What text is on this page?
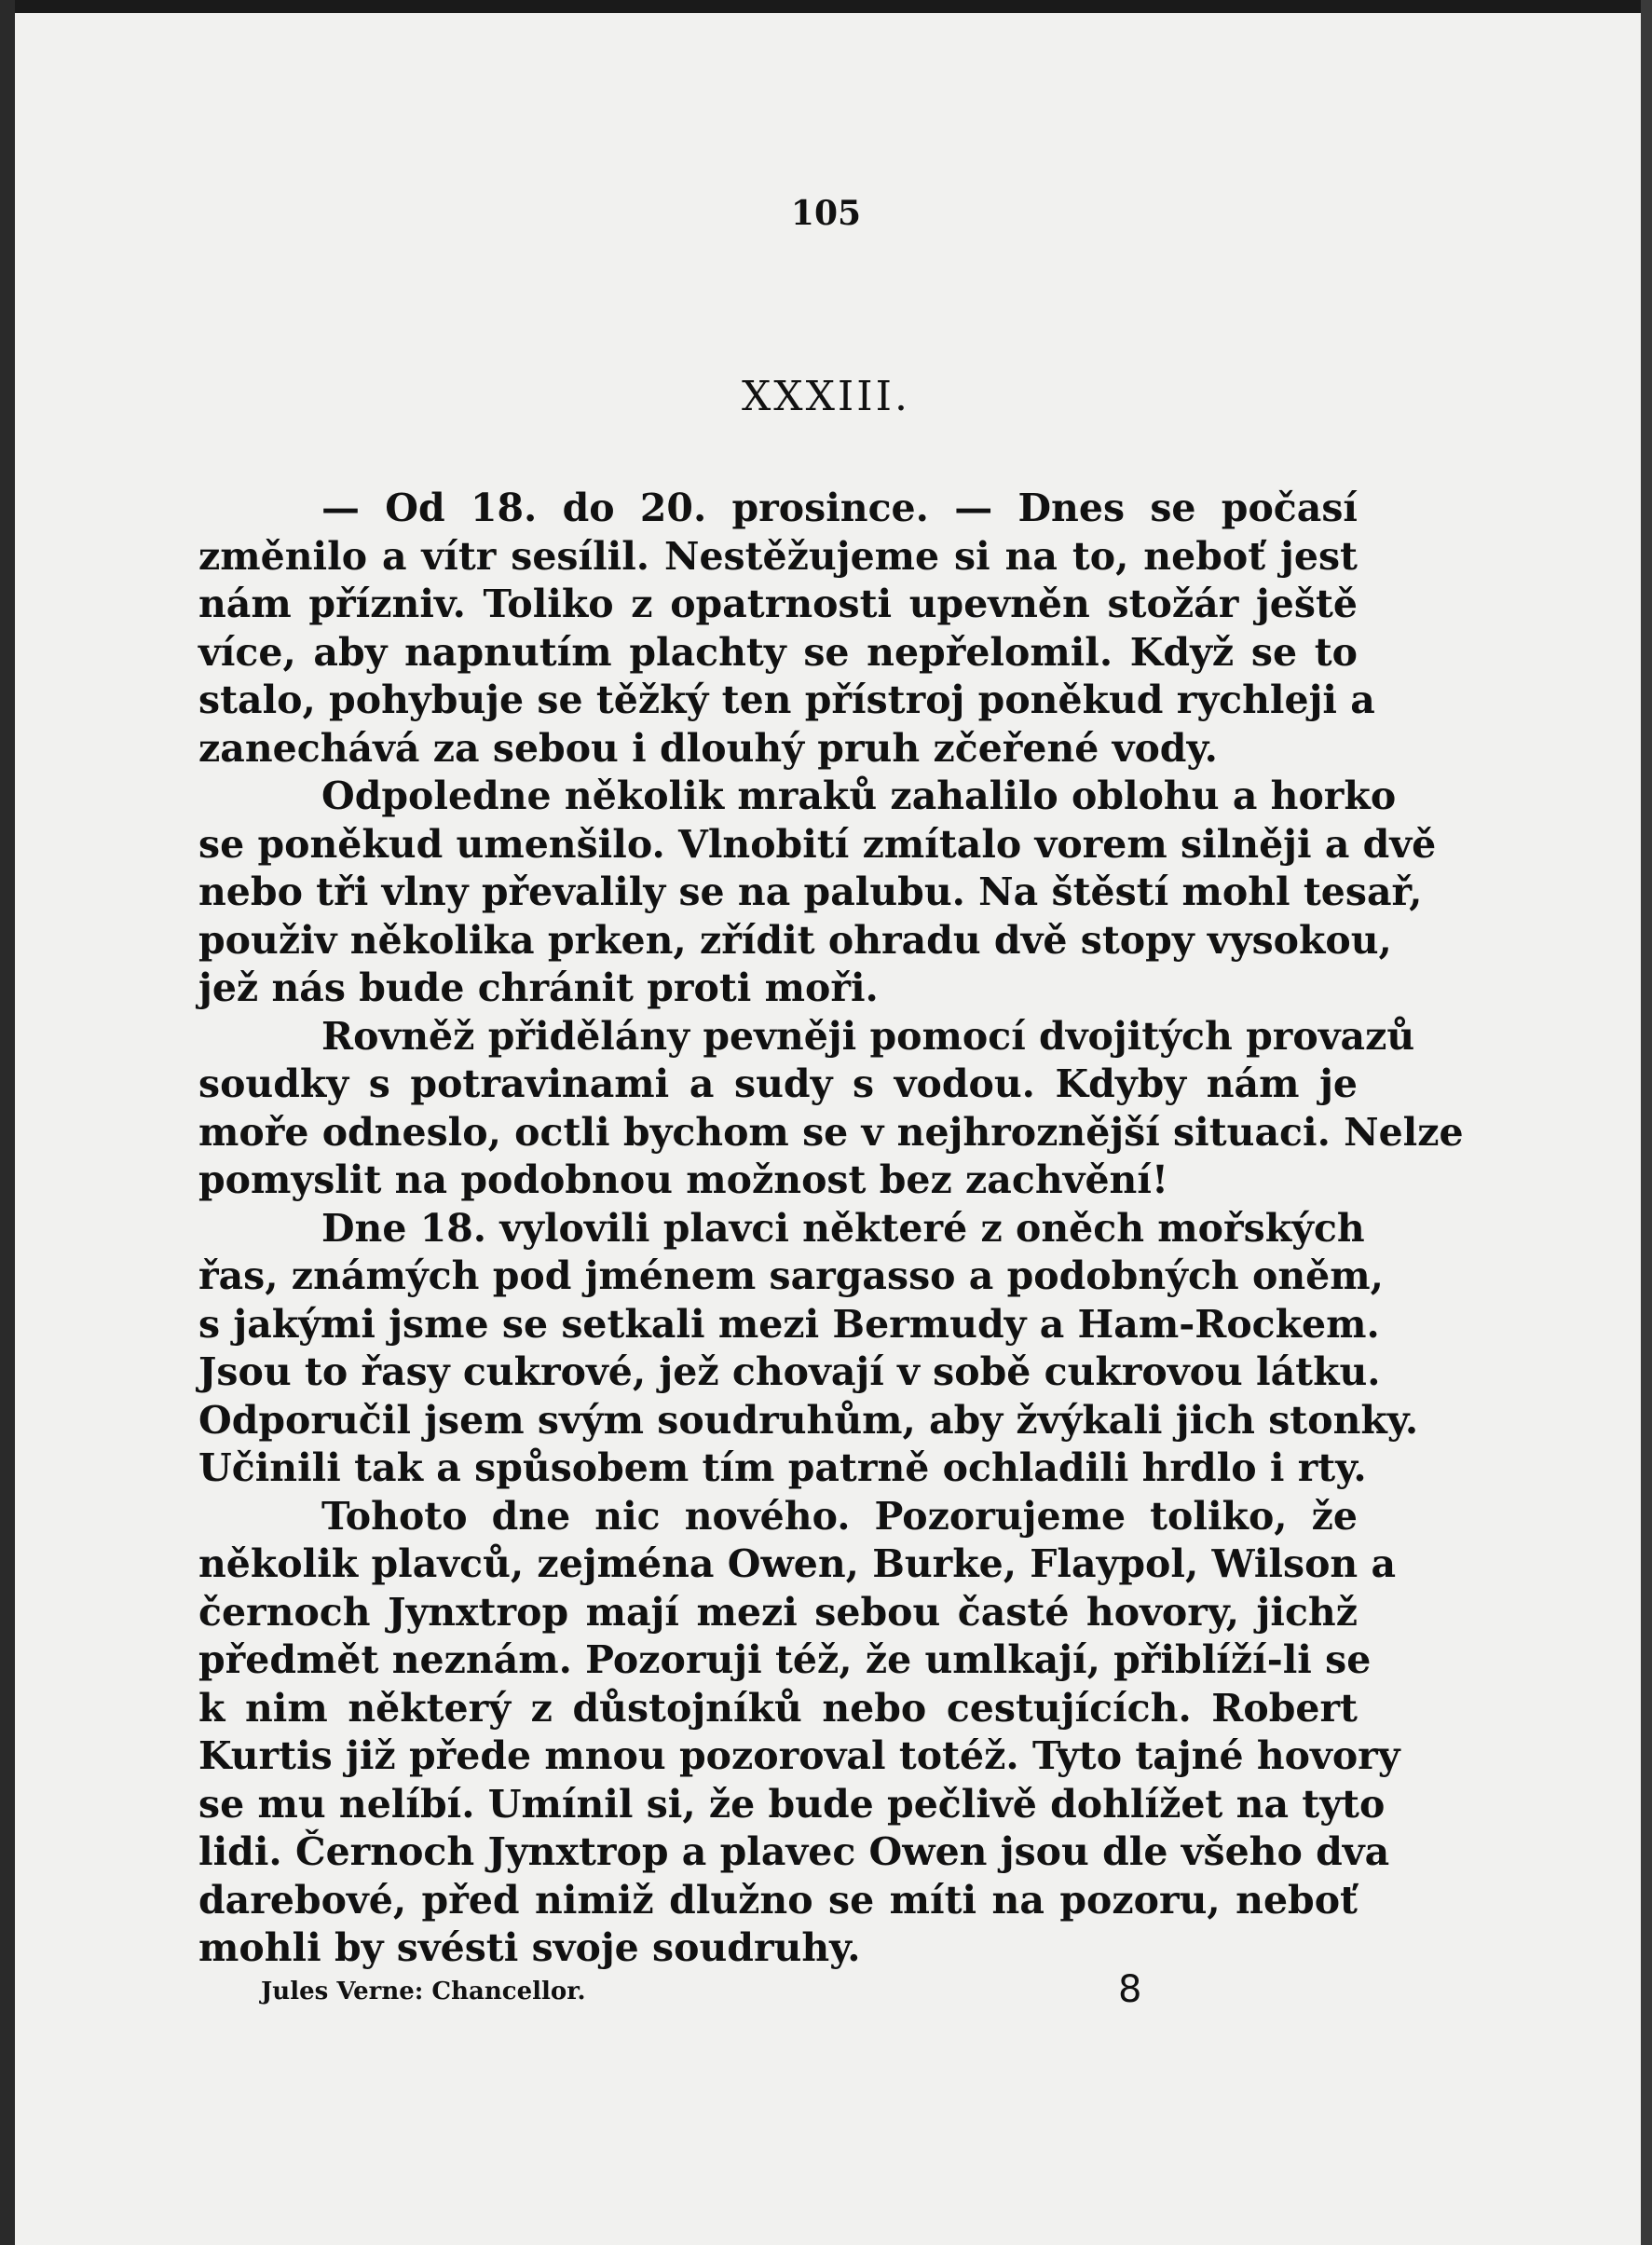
105
XXXIII.
— Od 18. do 20. prosince. — Dnes se počasí
změnilo a vítr sesílil. Nestěžujeme si na to, neboť jest
nám přízniv. Toliko z opatrnosti upevněn stožár ještě
více, aby napnutím plachty se nepřelomil. Když se to
stalo, pohybuje se těžký ten přístroj poněkud rychleji a
zanechává za sebou i dlouhý pruh zčeřené vody.
Odpoledne několik mraků zahalilo oblohu a horko
se poněkud umenšilo. Vlnobití zmítalo vorem silněji a dvě
nebo tři vlny převalily se na palubu. Na štěstí mohl tesař,
použiv několika prken, zřídit ohradu dvě stopy vysokou,
jež nás bude chránit proti moři.
Rovněž přidělány pevněji pomocí dvojitých provazů
soudky s potravinami a sudy s vodou. Kdyby nám je
moře odneslo, octli bychom se v nejhroznější situaci. Nelze
pomyslit na podobnou možnost bez zachvění!
Dne 18. vylovili plavci některé z oněch mořských
řas, známých pod jménem sargasso a podobných oněm,
s jakými jsme se setkali mezi Bermudy a Ham-Rockem.
Jsou to řasy cukrové, jež chovají v sobě cukrovou látku.
Odporučil jsem svým soudruhům, aby žvýkali jich stonky.
Učinili tak a spůsobem tím patrně ochladili hrdlo i rty.
Tohoto dne nic nového. Pozorujeme toliko, že
několik plavců, zejména Owen, Burke, Flaypol, Wilson a
černoch Jynxtrop mají mezi sebou časté hovory, jichž
předmět neznám. Pozoruji též, že umlkají, přiblíží-li se
k nim některý z důstojníků nebo cestujících. Robert
Kurtis již přede mnou pozoroval totéž. Tyto tajné hovory
se mu nelíbí. Umínil si, že bude pečlivě dohlížet na tyto
lidi. Černoch Jynxtrop a plavec Owen jsou dle všeho dva
darebové, před nimiž dlužno se míti na pozoru, neboť
mohli by svésti svoje soudruhy.
Jules Verne: Chancellor.	8
